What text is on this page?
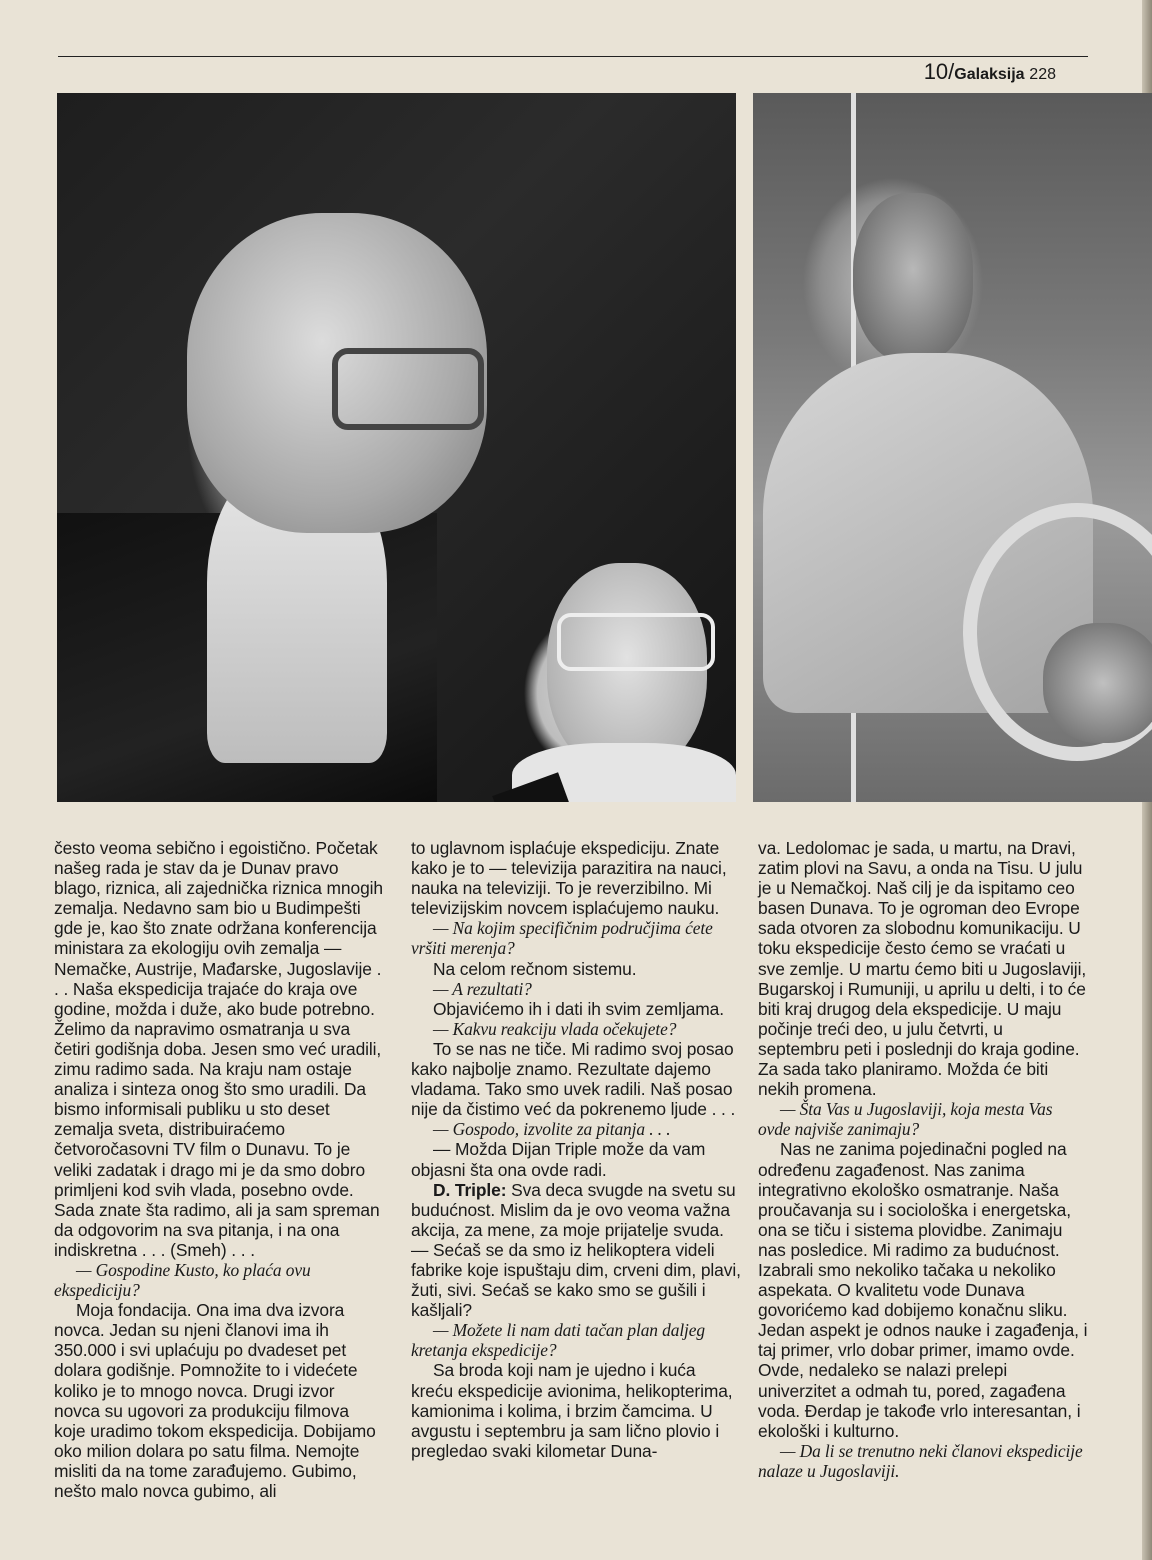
10/Galaksija 228

često veoma sebično i egoistično. Početak našeg rada je stav da je Dunav pravo blago, riznica, ali zajednička riznica mnogih zemalja. Nedavno sam bio u Budimpešti gde je, kao što znate održana konferencija ministara za ekologiju ovih zemalja — Nemačke, Austrije, Mađarske, Jugoslavije . . . Naša ekspedicija trajaće do kraja ove godine, možda i duže, ako bude potrebno. Želimo da napravimo osmatranja u sva četiri godišnja doba. Jesen smo već uradili, zimu radimo sada. Na kraju nam ostaje analiza i sinteza onog što smo uradili. Da bismo informisali publiku u sto deset zemalja sveta, distribuiraćemo četvoročasovni TV film o Dunavu. To je veliki zadatak i drago mi je da smo dobro primljeni kod svih vlada, posebno ovde. Sada znate šta radimo, ali ja sam spreman da odgovorim na sva pitanja, i na ona indiskretna . . . (Smeh) . . .

— Gospodine Kusto, ko plaća ovu ekspediciju?

Moja fondacija. Ona ima dva izvora novca. Jedan su njeni članovi ima ih 350.000 i svi uplaćuju po dvadeset pet dolara godišnje. Pomnožite to i videćete koliko je to mnogo novca. Drugi izvor novca su ugovori za produkciju filmova koje uradimo tokom ekspedicija. Dobijamo oko milion dolara po satu filma. Nemojte misliti da na tome zarađujemo. Gubimo, nešto malo novca gubimo, ali

to uglavnom isplaćuje ekspediciju. Znate kako je to — televizija parazitira na nauci, nauka na televiziji. To je reverzibilno. Mi televizijskim novcem isplaćujemo nauku.

— Na kojim specifičnim područjima ćete vršiti merenja?

Na celom rečnom sistemu.

— A rezultati?

Objavićemo ih i dati ih svim zemljama.

— Kakvu reakciju vlada očekujete?

To se nas ne tiče. Mi radimo svoj posao kako najbolje znamo. Rezultate dajemo vladama. Tako smo uvek radili. Naš posao nije da čistimo već da pokrenemo ljude . . .

— Gospodo, izvolite za pitanja . . .

— Možda Dijan Triple može da vam objasni šta ona ovde radi.

D. Triple: Sva deca svugde na svetu su budućnost. Mislim da je ovo veoma važna akcija, za mene, za moje prijatelje svuda. — Sećaš se da smo iz helikoptera videli fabrike koje ispuštaju dim, crveni dim, plavi, žuti, sivi. Sećaš se kako smo se gušili i kašljali?

— Možete li nam dati tačan plan daljeg kretanja ekspedicije?

Sa broda koji nam je ujedno i kuća kreću ekspedicije avionima, helikopterima, kamionima i kolima, i brzim čamcima. U avgustu i septembru ja sam lično plovio i pregledao svaki kilometar Duna-

va. Ledolomac je sada, u martu, na Dravi, zatim plovi na Savu, a onda na Tisu. U julu je u Nemačkoj. Naš cilj je da ispitamo ceo basen Dunava. To je ogroman deo Evrope sada otvoren za slobodnu komunikaciju. U toku ekspedicije često ćemo se vraćati u sve zemlje. U martu ćemo biti u Jugoslaviji, Bugarskoj i Rumuniji, u aprilu u delti, i to će biti kraj drugog dela ekspedicije. U maju počinje treći deo, u julu četvrti, u septembru peti i poslednji do kraja godine. Za sada tako planiramo. Možda će biti nekih promena.

— Šta Vas u Jugoslaviji, koja mesta Vas ovde najviše zanimaju?

Nas ne zanima pojedinačni pogled na određenu zagađenost. Nas zanima integrativno ekološko osmatranje. Naša proučavanja su i sociološka i energetska, ona se tiču i sistema plovidbe. Zanimaju nas posledice. Mi radimo za budućnost. Izabrali smo nekoliko tačaka u nekoliko aspekata. O kvalitetu vode Dunava govorićemo kad dobijemo konačnu sliku. Jedan aspekt je odnos nauke i zagađenja, i taj primer, vrlo dobar primer, imamo ovde. Ovde, nedaleko se nalazi prelepi univerzitet a odmah tu, pored, zagađena voda. Đerdap je takođe vrlo interesantan, i ekološki i kulturno.

— Da li se trenutno neki članovi ekspedicije nalaze u Jugoslaviji.
